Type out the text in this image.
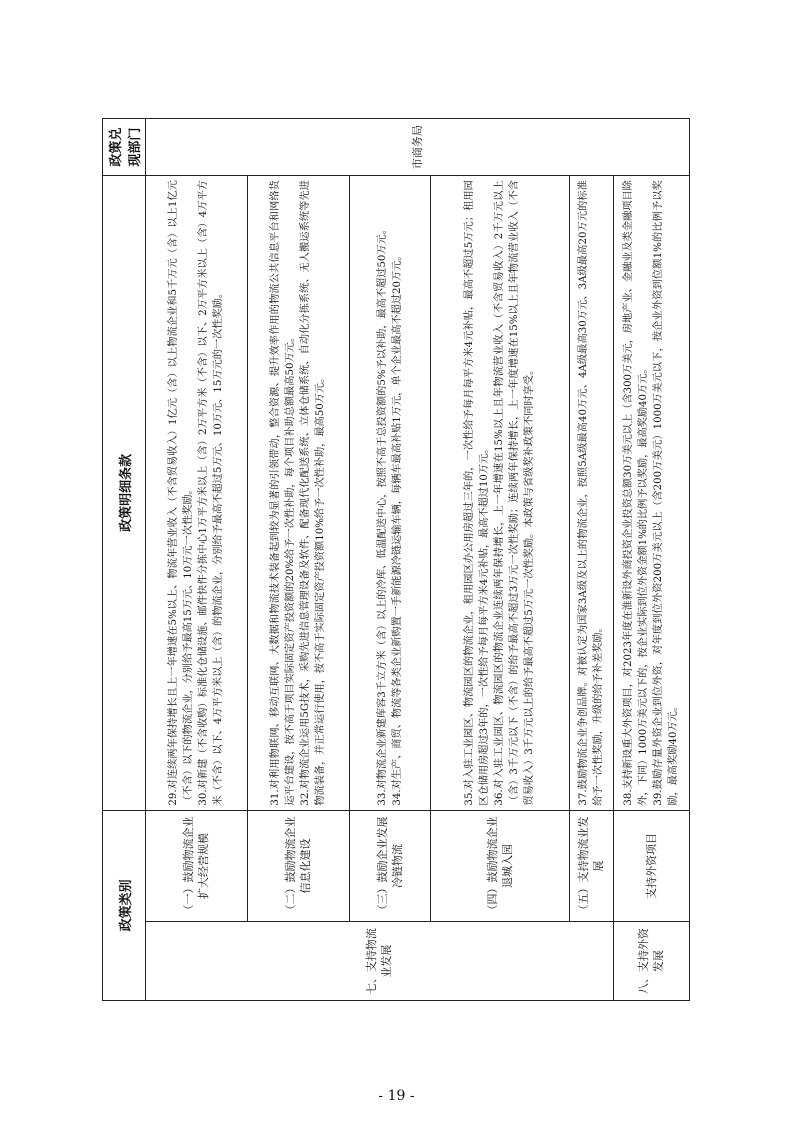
政策类别		政策明细条款	政策兑现部门
七、支持物流业发展	（一）鼓励物流企业扩大经营规模	29.对连续两年保持增长且上一年增速在5%以上、物流年营业收入（不含贸易收入）1亿元（含）以上物流企业和5千万元（含）以上1亿元（不含）以下的物流企业，分别给予最高15万元、10万元一次性奖励。 30.对新建（不含收购）标准化仓储设施、邮件快件分拣中心1万平方米以上（含）2万平方米（不含）以下、2万平方米以上（含）4万平方米（不含）以下、4万平方米以上（含）的物流企业，分别给予最高不超过5万元、10万元、15万元的一次性奖励。	市商务局
	（二）鼓励物流企业信息化建设	31.对利用物联网、移动互联网、大数据和物流技术装备起到较为显著的引领带动，整合资源、提升效率作用的物流公共信息平台和网络货运平台建设，按不高于项目实际固定资产投资额的20%给予一次性补助，每个项目补助总额最高50万元。 32.对物流企业运用5G技术，采购先进信息管理设备及软件、配备现代化配送系统、立体仓储系统、自动化分拣系统、无人搬运系统等先进物流装备，并正常运行使用，按不高于实际固定资产投资额10%给予一次性补助，最高50万元。	

	（三）鼓励企业发展冷链物流	33.对物流企业新建库容3千立方米（含）以上的冷库、低温配送中心，按照不高于总投资额的5%予以补助，最高不超过50万元。 34.对生产、商贸、物流等各类企业新购置一手新能源冷链运输车辆，每辆车最高补贴1万元，单个企业最高不超过20万元。	

	（四）鼓励物流企业退城入园	35.对入驻工业园区、物流园区的物流企业，租用园区办公用房超过三年的，一次性给予每月每平方米4元补贴，最高不超过5万元；租用园区仓储用房超过3年的，一次性给予每月每平方米4元补贴，最高不超过10万元。 36.对入驻工业园区、物流园区的物流企业连续两年保持增长，上一年增速在15%以上且年物流营业收入（不含贸易收入）2千万元以上（含）3千万元以下（不含）的给予最高不超过3万元一次性奖励；连续两年保持增长，上一年度增速在15%以上且年物流营业收入（不含贸易收入）3千万元以上的给予最高不超过5万元一次性奖励。本政策与省级奖补政策不同时享受。	

	（五）支持物流业发展	37.鼓励物流企业争创品牌。对被认定为国家3A级及以上的物流企业，按照5A级最高40万元、4A级最高30万元、3A级最高20万元的标准给予一次性奖励，升级的给予补差奖励。	

八、支持外资发展	支持外资项目	38.支持新设重大外资项目，对2023年度在淮新设外商投资企业投资总额30万美元以上（含300万美元，房地产业、金融业及类金融项目除外，下同）1000万美元以下的，按企业实际到位外资金额1%的比例予以奖励，最高奖励40万元。 39.鼓励存量外资企业到位外资，对年度到位外资200万美元以上（含200万美元）1000万美元以下，按企业外资到位额1%的比例予以奖励，最高奖励40万元。	

- 19 -
